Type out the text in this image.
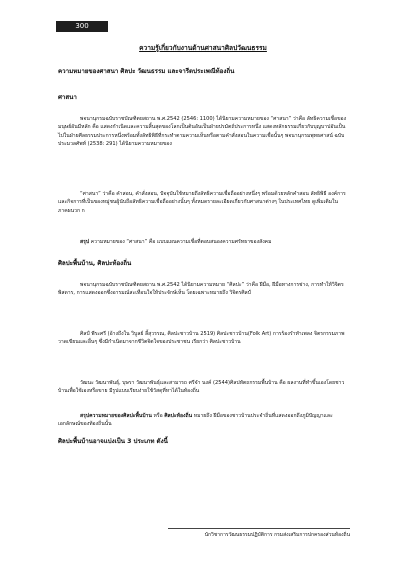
300

ความรู้เกี่ยวกับงานด้านศาสนาศิลปวัฒนธรรม

ความหมายของศาสนา ศิลปะ วัฒนธรรม และจารีตประเพณีท้องถิ่น

ศาสนา

พจนานุกรมฉบับราชบัณฑิตยสถาน พ.ศ.2542 (2546: 1100) ได้นิยามความหมายของ “ศาสนา” ว่าคือ ลัทธิความเชื่อของมนุษย์อันมีหลัก คือ แสดงกำเนิดและความสิ้นสุดของโลกเป็นต้นอันเป็นฝ่ายปรมัตถ์ประการหนึ่ง แสดงหลักธรรมเกี่ยวกับบุญบาปอันเป็นไปในฝ่ายศีลธรรมประการหนึ่งพร้อมทั้งลัทธิพิธีที่กระทำตามความเห็นหรือตามคำสั่งสอนในความเชื่อนั้นๆ พจนานุกรมพุทธศาสน์ ฉบับประมวลศัพท์ (2538: 291) ได้นิยามความหมายของ

“ศาสนา” ว่าคือ คำสอน, คำสั่งสอน, ปัจจุบันใช้หมายถึงลัทธิความเชื่อถืออย่างหนึ่งๆ พร้อมด้วยหลักคำสอน ลัทธิพิธี องค์การและกิจการที่เป็นของหมู่ชนผู้นับถือลัทธิความเชื่อถืออย่างนั้นๆ ทั้งหมดรายละเอียดเกี่ยวกับศาสนาต่างๆ ในประเทศไทย ดูเพิ่มเติมใน ภาคผนวก ก

สรุป ความหมายของ “ศาสนา” คือ แบบแผนความเชื่อที่ตอบสนองความศรัทธาของสังคม

ศิลปะพื้นบ้าน, ศิลปะท้องถิ่น

พจนานุกรมฉบับราชบัณฑิตยสถาน พ.ศ.2542 ได้นิยามความหมาย “ศิลปะ” ว่าคือ ฝีมือ, ฝีมือทางการช่าง, การทำให้วิจิตรพิสดาร, การแสดงออกซึ่งอารมณ์สะเทือนใจให้ประจักษ์เห็น โดยเฉพาะหมายถึง วิจิตรศิลป์

ศิลป์ พีระศรี (อ้างถึงใน วิบูลย์ ลี้สุวรรณ, ศิลปะชาวบ้าน 2519) ศิลปะชาวบ้าน(Folk Art) การร้องรำทำเพลง จิตรกรรมภาพวาดเขียนและอื่นๆ ซึ่งมีกำเนิดมาจากชีวิตจิตใจของประชาชน เรียกว่า ศิลปะชาวบ้าน

วัฒนะ วัฒนาพันธุ์, บุษรา วัฒนาพันธุ์และสามารถ ศรีจำ นงค์ (2544)ศิลปหัตถกรรมพื้นบ้าน คือ ผลงานที่ทำขึ้นเองโดยชาวบ้านเพื่อใช้เองหรือขาย มีรูปแบบเรียบง่ายใช้วัสดุที่หาได้ในท้องถิ่น

สรุปความหมายของศิลปะพื้นบ้าน หรือ ศิลปะท้องถิ่น หมายถึง ฝีมือของชาวบ้านประจำถิ่นที่แสดงออกถึงภูมิปัญญาและเอกลักษณ์ของท้องถิ่นนั้น

ศิลปะพื้นบ้านอาจแบ่งเป็น 3 ประเภท ดังนี้

นักวิชาการวัฒนธรรมปฏิบัติการ กรมส่งเสริมการปกครองส่วนท้องถิ่น
